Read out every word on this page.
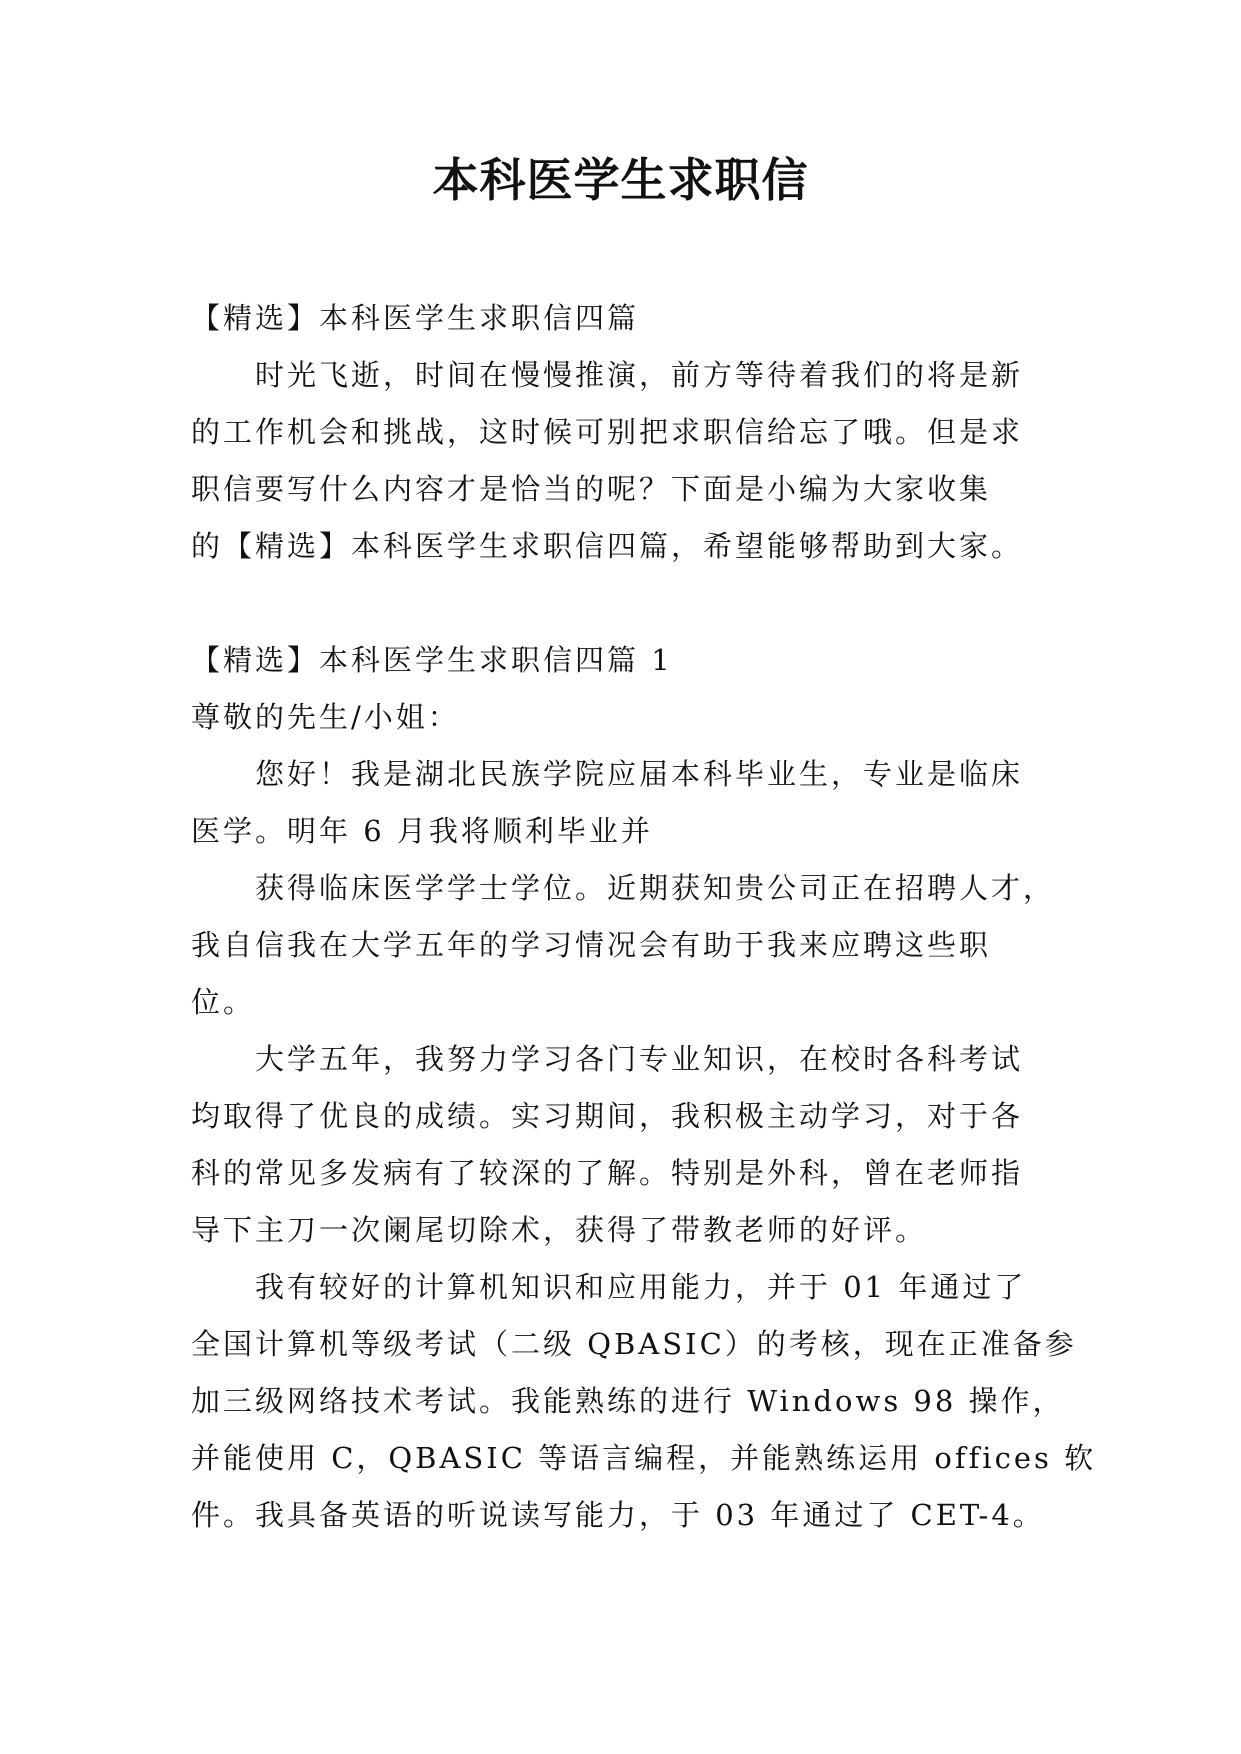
本科医学生求职信

【精选】本科医学生求职信四篇

时光飞逝，时间在慢慢推演，前方等待着我们的将是新

的工作机会和挑战，这时候可别把求职信给忘了哦。但是求

职信要写什么内容才是恰当的呢？下面是小编为大家收集

的【精选】本科医学生求职信四篇，希望能够帮助到大家。

【精选】本科医学生求职信四篇 1

尊敬的先生/小姐：

您好！我是湖北民族学院应届本科毕业生，专业是临床

医学。明年 6 月我将顺利毕业并

获得临床医学学士学位。近期获知贵公司正在招聘人才，

我自信我在大学五年的学习情况会有助于我来应聘这些职

位。

大学五年，我努力学习各门专业知识，在校时各科考试

均取得了优良的成绩。实习期间，我积极主动学习，对于各

科的常见多发病有了较深的了解。特别是外科，曾在老师指

导下主刀一次阑尾切除术，获得了带教老师的好评。

我有较好的计算机知识和应用能力，并于 01 年通过了

全国计算机等级考试（二级 QBASIC）的考核，现在正准备参

加三级网络技术考试。我能熟练的进行 Windows 98 操作，

并能使用 C，QBASIC 等语言编程，并能熟练运用 offices 软

件。我具备英语的听说读写能力，于 03 年通过了 CET-4。
